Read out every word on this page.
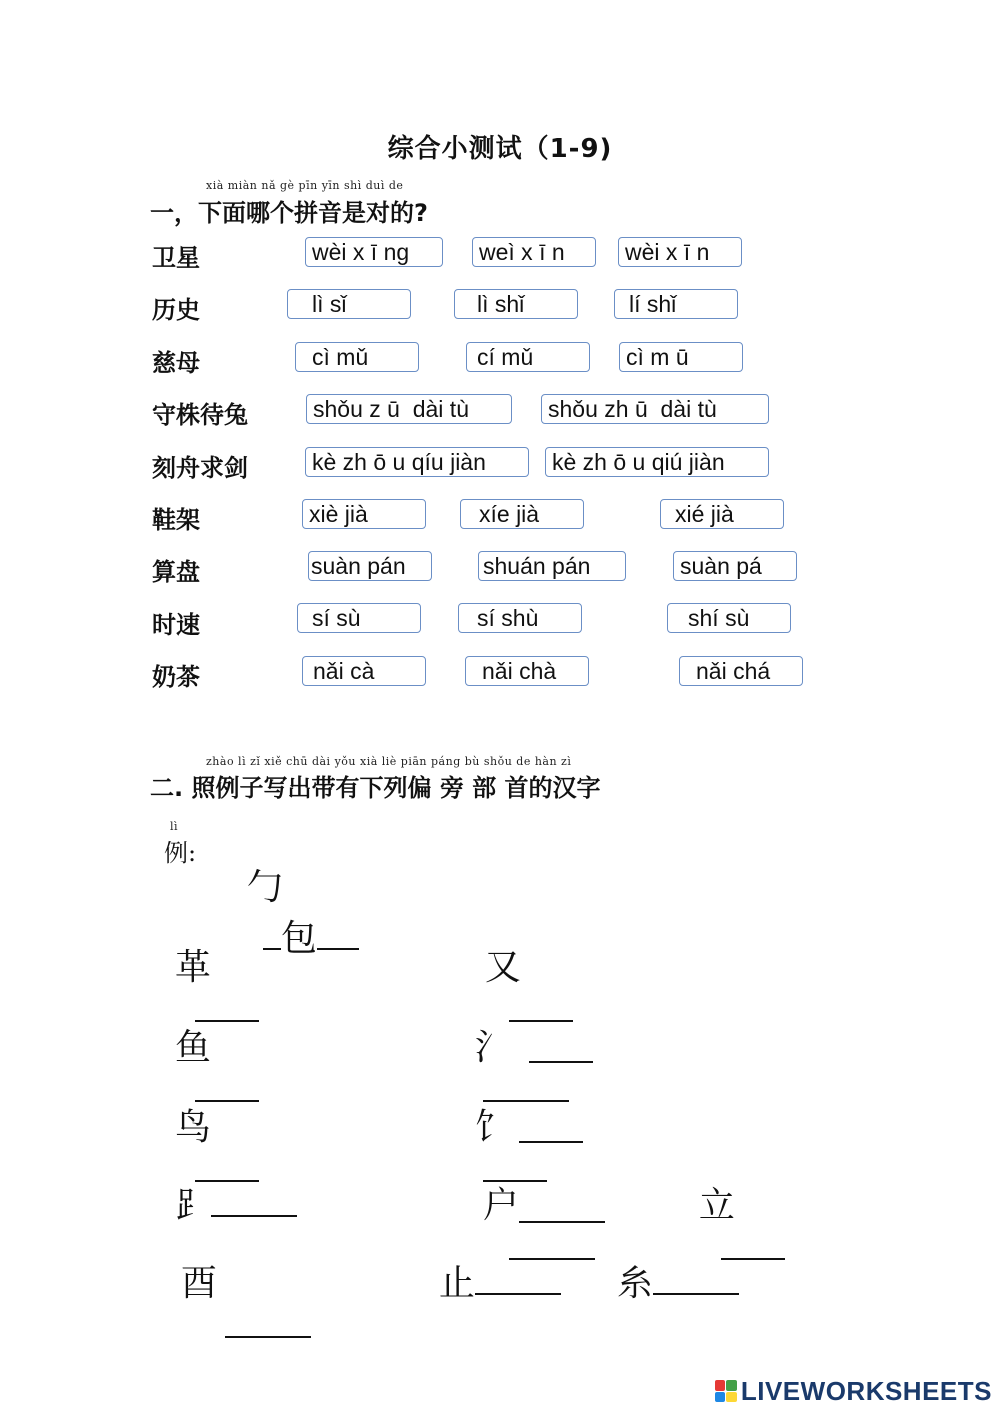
综合小测试（1-9)
xià miàn nǎ gè pīn yīn shì duì de
一，下面哪个拼音是对的?
卫星	wèi x ī ng	weì x ī n	wèi x ī n
历史	lì sǐ	lì shǐ	lí shǐ
慈母	cì mǔ	cí mǔ	cì m ū
守株待兔	shǒu z ū  dài tù	shǒu zh ū  dài tù
刻舟求剑	kè zh ō u qíu jiàn	kè zh ō u qiú jiàn
鞋架	xiè jià	xíe jià	xié jià
算盘	suàn pán	shuán pán	suàn pá
时速	sí sù	sí shù	shí sù
奶茶	nǎi cà	nǎi chà	nǎi chá
zhào lì zǐ xiě chū dài yǒu xià liè piān páng bù shǒu de hàn zì
二. 照例子写出带有下列偏 旁 部 首的汉字
lì
例:

勹
包

革
	又

鱼
	氵

鸟
	饣

⻊	户
	立

酉
	止	糸

LIVEWORKSHEETS
